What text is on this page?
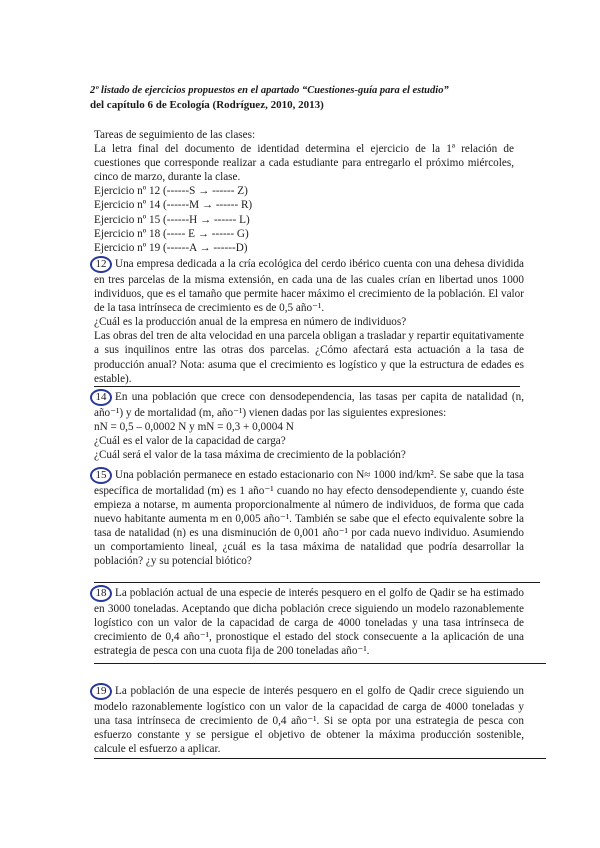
2º listado de ejercicios propuestos en el apartado “Cuestiones-guía para el estudio”
del capítulo 6 de Ecología (Rodríguez, 2010, 2013)

Tareas de seguimiento de las clases:

La letra final del documento de identidad determina el ejercicio de la 1ª relación de cuestiones que corresponde realizar a cada estudiante para entregarlo el próximo miércoles, cinco de marzo, durante la clase.

Ejercicio nº 12 (------S → ------ Z)
Ejercicio nº 14 (------M → ------ R)
Ejercicio nº 15 (------H → ------ L)
Ejercicio nº 18 (----- E → ------ G)
Ejercicio nº 19 (------A → ------D)

12 Una empresa dedicada a la cría ecológica del cerdo ibérico cuenta con una dehesa dividida en tres parcelas de la misma extensión, en cada una de las cuales crían en libertad unos 1000 individuos, que es el tamaño que permite hacer máximo el crecimiento de la población. El valor de la tasa intrínseca de crecimiento es de 0,5 año⁻¹.

¿Cuál es la producción anual de la empresa en número de individuos?

Las obras del tren de alta velocidad en una parcela obligan a trasladar y repartir equitativamente a sus inquilinos entre las otras dos parcelas. ¿Cómo afectará esta actuación a la tasa de producción anual? Nota: asuma que el crecimiento es logístico y que la estructura de edades es estable).

14 En una población que crece con densodependencia, las tasas per capita de natalidad (n, año⁻¹) y de mortalidad (m, año⁻¹) vienen dadas por las siguientes expresiones:

nN = 0,5 – 0,0002 N y mN = 0,3 + 0,0004 N

¿Cuál es el valor de la capacidad de carga?

¿Cuál será el valor de la tasa máxima de crecimiento de la población?

15 Una población permanece en estado estacionario con N≈ 1000 ind/km². Se sabe que la tasa específica de mortalidad (m) es 1 año⁻¹ cuando no hay efecto densodependiente y, cuando éste empieza a notarse, m aumenta proporcionalmente al número de individuos, de forma que cada nuevo habitante aumenta m en 0,005 año⁻¹. También se sabe que el efecto equivalente sobre la tasa de natalidad (n) es una disminución de 0,001 año⁻¹ por cada nuevo individuo. Asumiendo un comportamiento lineal, ¿cuál es la tasa máxima de natalidad que podría desarrollar la población? ¿y su potencial biótico?

18 La población actual de una especie de interés pesquero en el golfo de Qadir se ha estimado en 3000 toneladas. Aceptando que dicha población crece siguiendo un modelo razonablemente logístico con un valor de la capacidad de carga de 4000 toneladas y una tasa intrínseca de crecimiento de 0,4 año⁻¹, pronostique el estado del stock consecuente a la aplicación de una estrategia de pesca con una cuota fija de 200 toneladas año⁻¹.

19 La población de una especie de interés pesquero en el golfo de Qadir crece siguiendo un modelo razonablemente logístico con un valor de la capacidad de carga de 4000 toneladas y una tasa intrínseca de crecimiento de 0,4 año⁻¹. Si se opta por una estrategia de pesca con esfuerzo constante y se persigue el objetivo de obtener la máxima producción sostenible, calcule el esfuerzo a aplicar.
